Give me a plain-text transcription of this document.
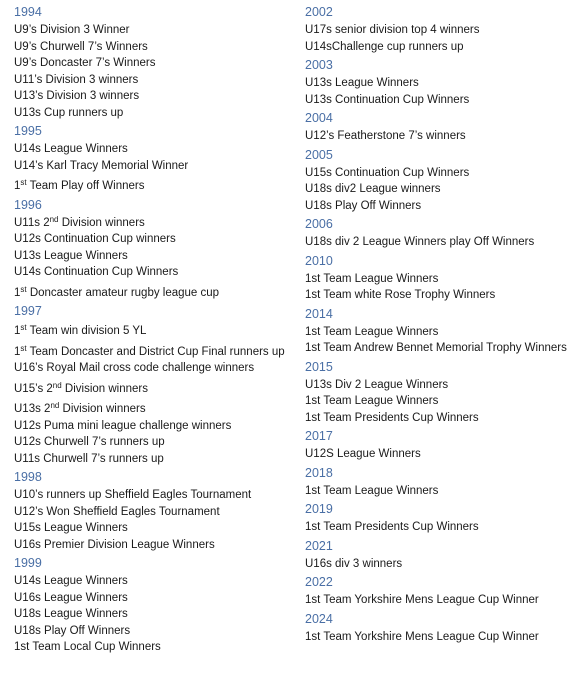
1994
U9’s Division 3 Winner
U9’s Churwell 7’s Winners
U9’s Doncaster 7’s Winners
U11’s Division 3 winners
U13’s Division 3 winners
U13s Cup runners up
1995
U14s League Winners
U14’s Karl Tracy Memorial Winner
1st Team Play off Winners
1996
U11s 2nd Division winners
U12s Continuation Cup winners
U13s League Winners
U14s Continuation Cup Winners
1st Doncaster amateur rugby league cup
1997
1st Team win division 5 YL
1st Team Doncaster and District Cup Final runners up
U16’s Royal Mail cross code challenge winners
U15’s 2nd Division winners
U13s 2nd Division winners
U12s Puma mini league challenge winners
U12s Churwell 7’s runners up
U11s Churwell 7’s runners up
1998
U10’s runners up Sheffield Eagles Tournament
U12’s Won Sheffield Eagles Tournament
U15s League Winners
U16s Premier Division League Winners
1999
U14s League Winners
U16s League Winners
U18s League Winners
U18s Play Off Winners
1st Team Local Cup Winners
2002
U17s senior division top 4 winners
U14sChallenge cup runners up
2003
U13s League Winners
U13s Continuation Cup Winners
2004
U12’s Featherstone 7’s winners
2005
U15s Continuation Cup Winners
U18s div2 League winners
U18s Play Off Winners
2006
U18s div 2 League Winners play Off Winners
2010
1st Team League Winners
1st Team white Rose Trophy Winners
2014
1st Team League Winners
1st Team Andrew Bennet Memorial Trophy Winners
2015
U13s Div 2 League Winners
1st Team League Winners
1st Team Presidents Cup Winners
2017
U12S League Winners
2018
1st Team League Winners
2019
1st Team Presidents Cup Winners
2021
U16s div 3 winners
2022
1st Team Yorkshire Mens League Cup Winner
2024
1st Team Yorkshire Mens League Cup Winner
